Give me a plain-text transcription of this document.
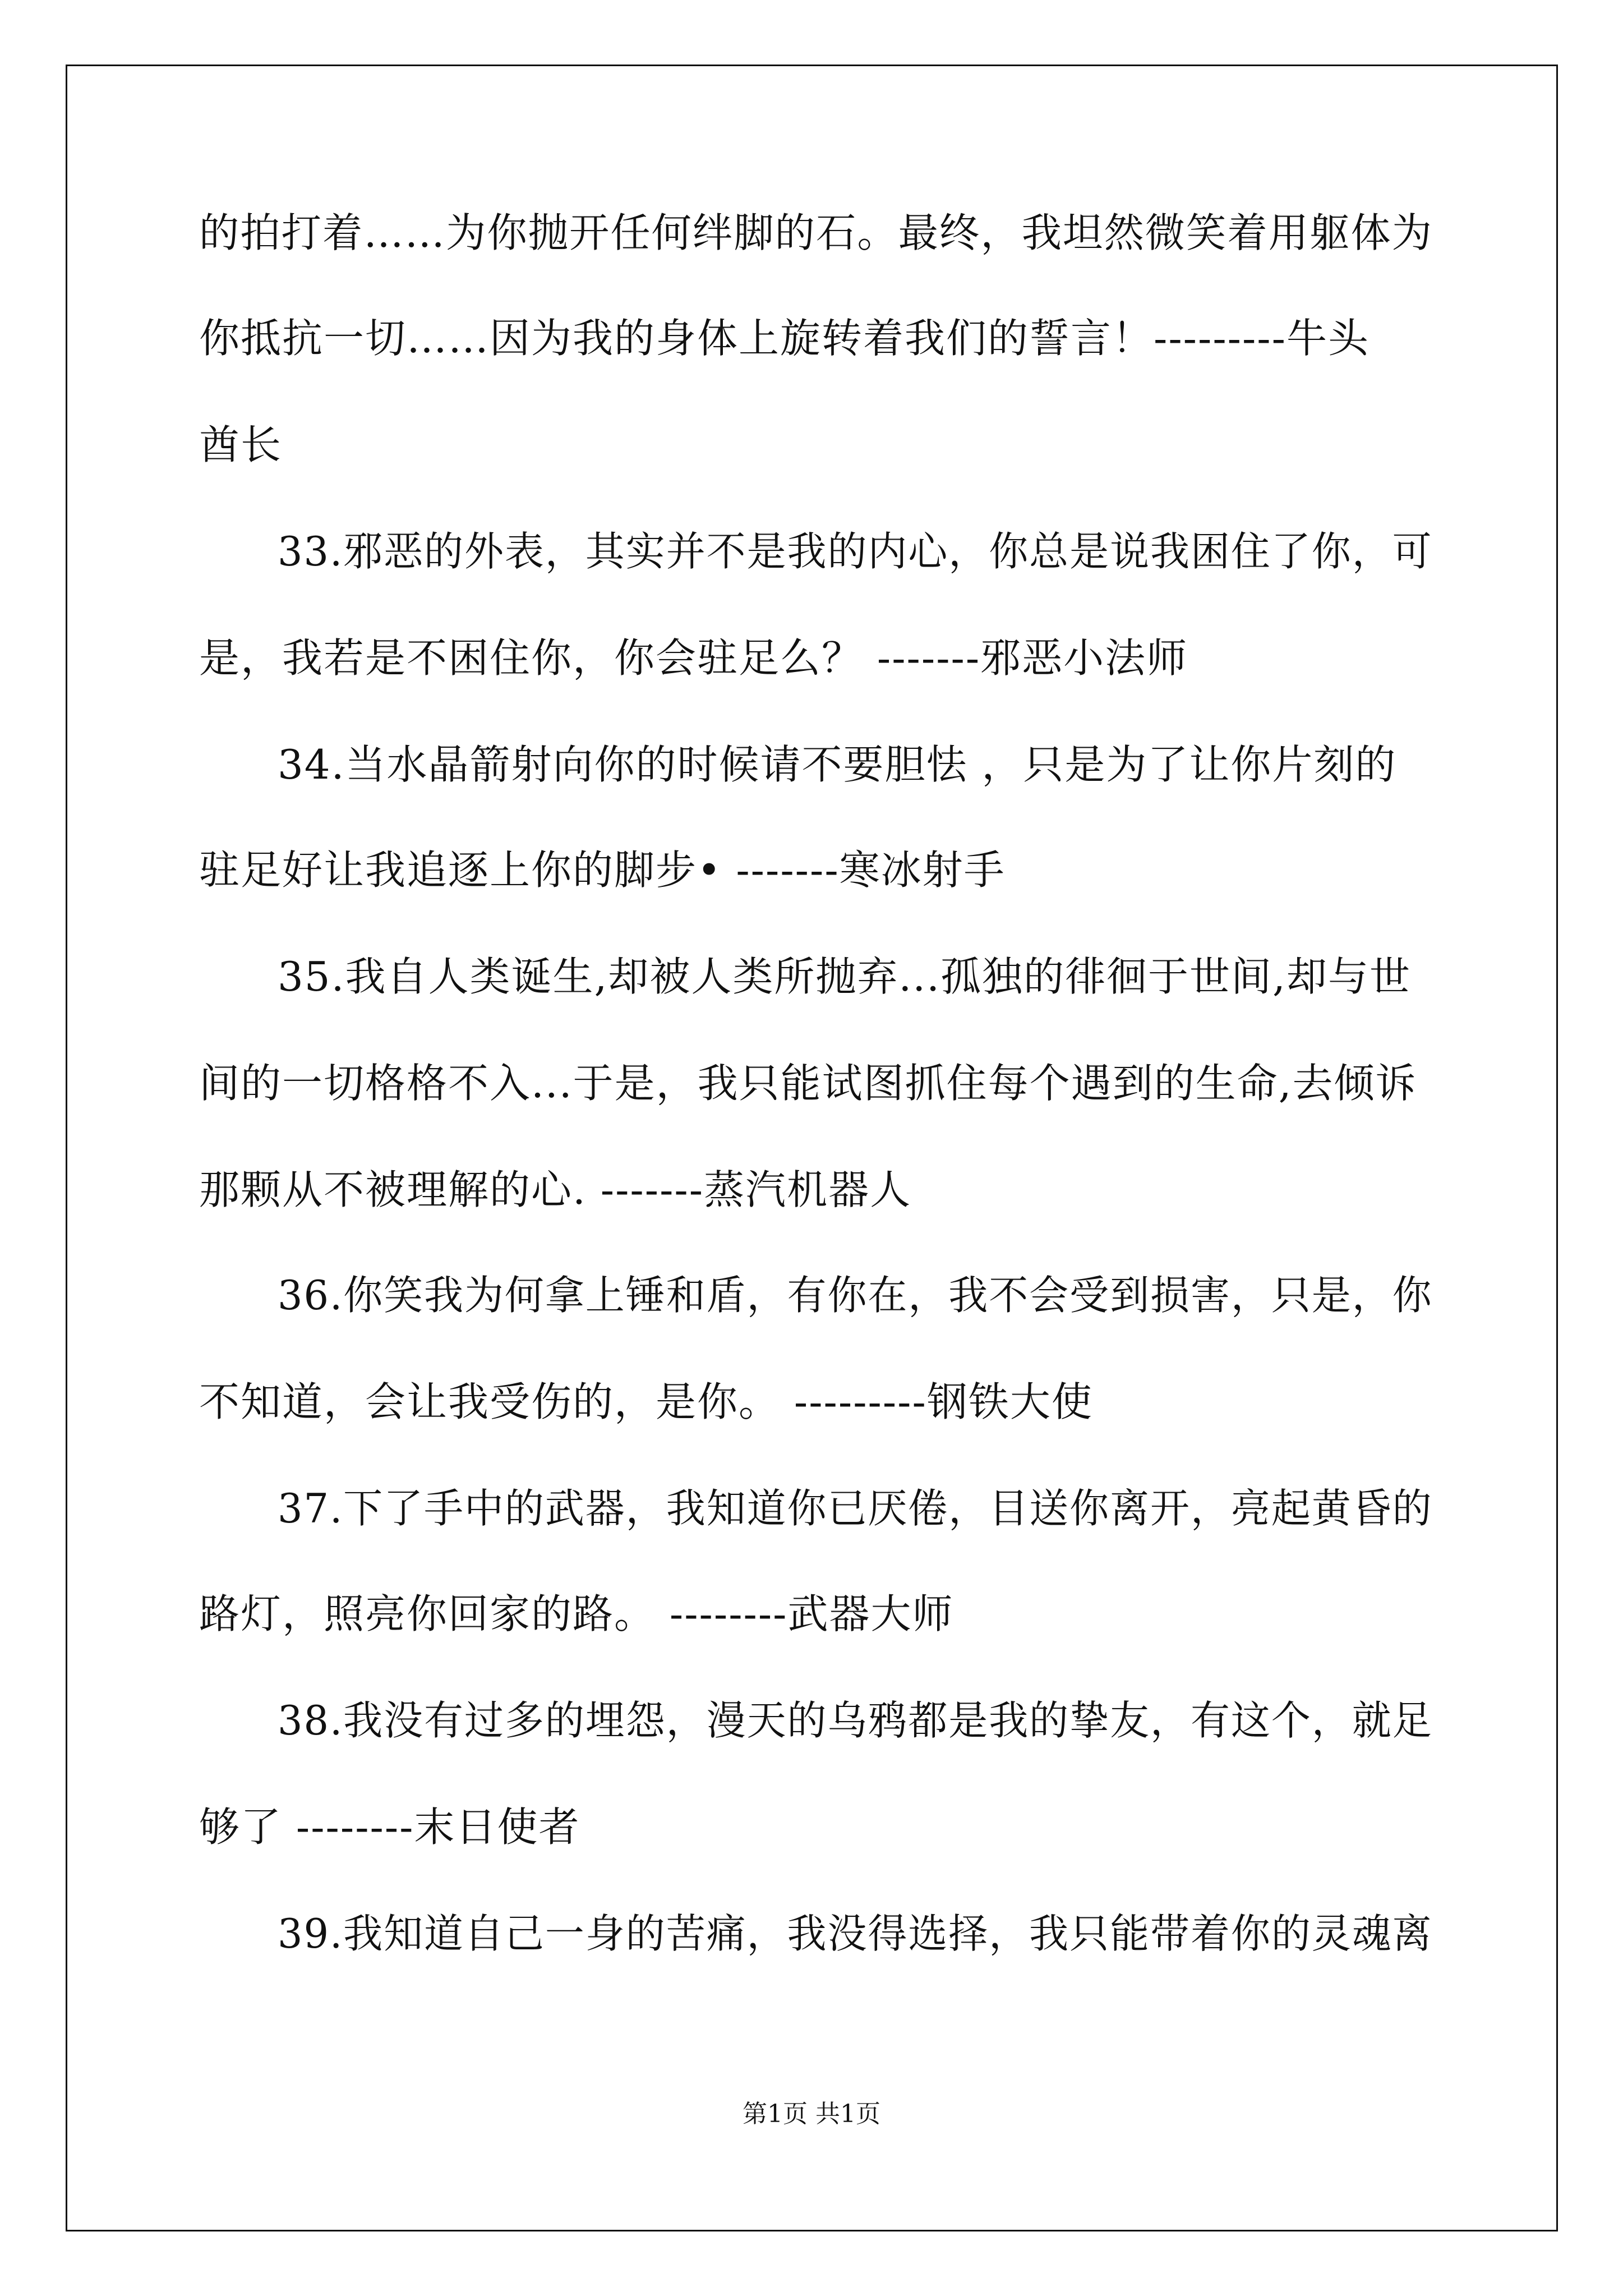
的拍打着……为你抛开任何绊脚的石。最终，我坦然微笑着用躯体为
你抵抗一切……因为我的身体上旋转着我们的誓言！---------牛头
酋长
33.邪恶的外表，其实并不是我的内心，你总是说我困住了你，可
是，我若是不困住你，你会驻足么？ -------邪恶小法师
34.当水晶箭射向你的时候请不要胆怯 ，只是为了让你片刻的
驻足好让我追逐上你的脚步• -------寒冰射手
35.我自人类诞生,却被人类所抛弃...孤独的徘徊于世间,却与世
间的一切格格不入...于是，我只能试图抓住每个遇到的生命,去倾诉
那颗从不被理解的心. -------蒸汽机器人
36.你笑我为何拿上锤和盾，有你在，我不会受到损害，只是，你
不知道，会让我受伤的，是你。 ---------钢铁大使
37.下了手中的武器，我知道你已厌倦，目送你离开，亮起黄昏的
路灯，照亮你回家的路。 --------武器大师
38.我没有过多的埋怨，漫天的乌鸦都是我的挚友，有这个，就足
够了 --------末日使者
39.我知道自己一身的苦痛，我没得选择，我只能带着你的灵魂离
第1页 共1页
